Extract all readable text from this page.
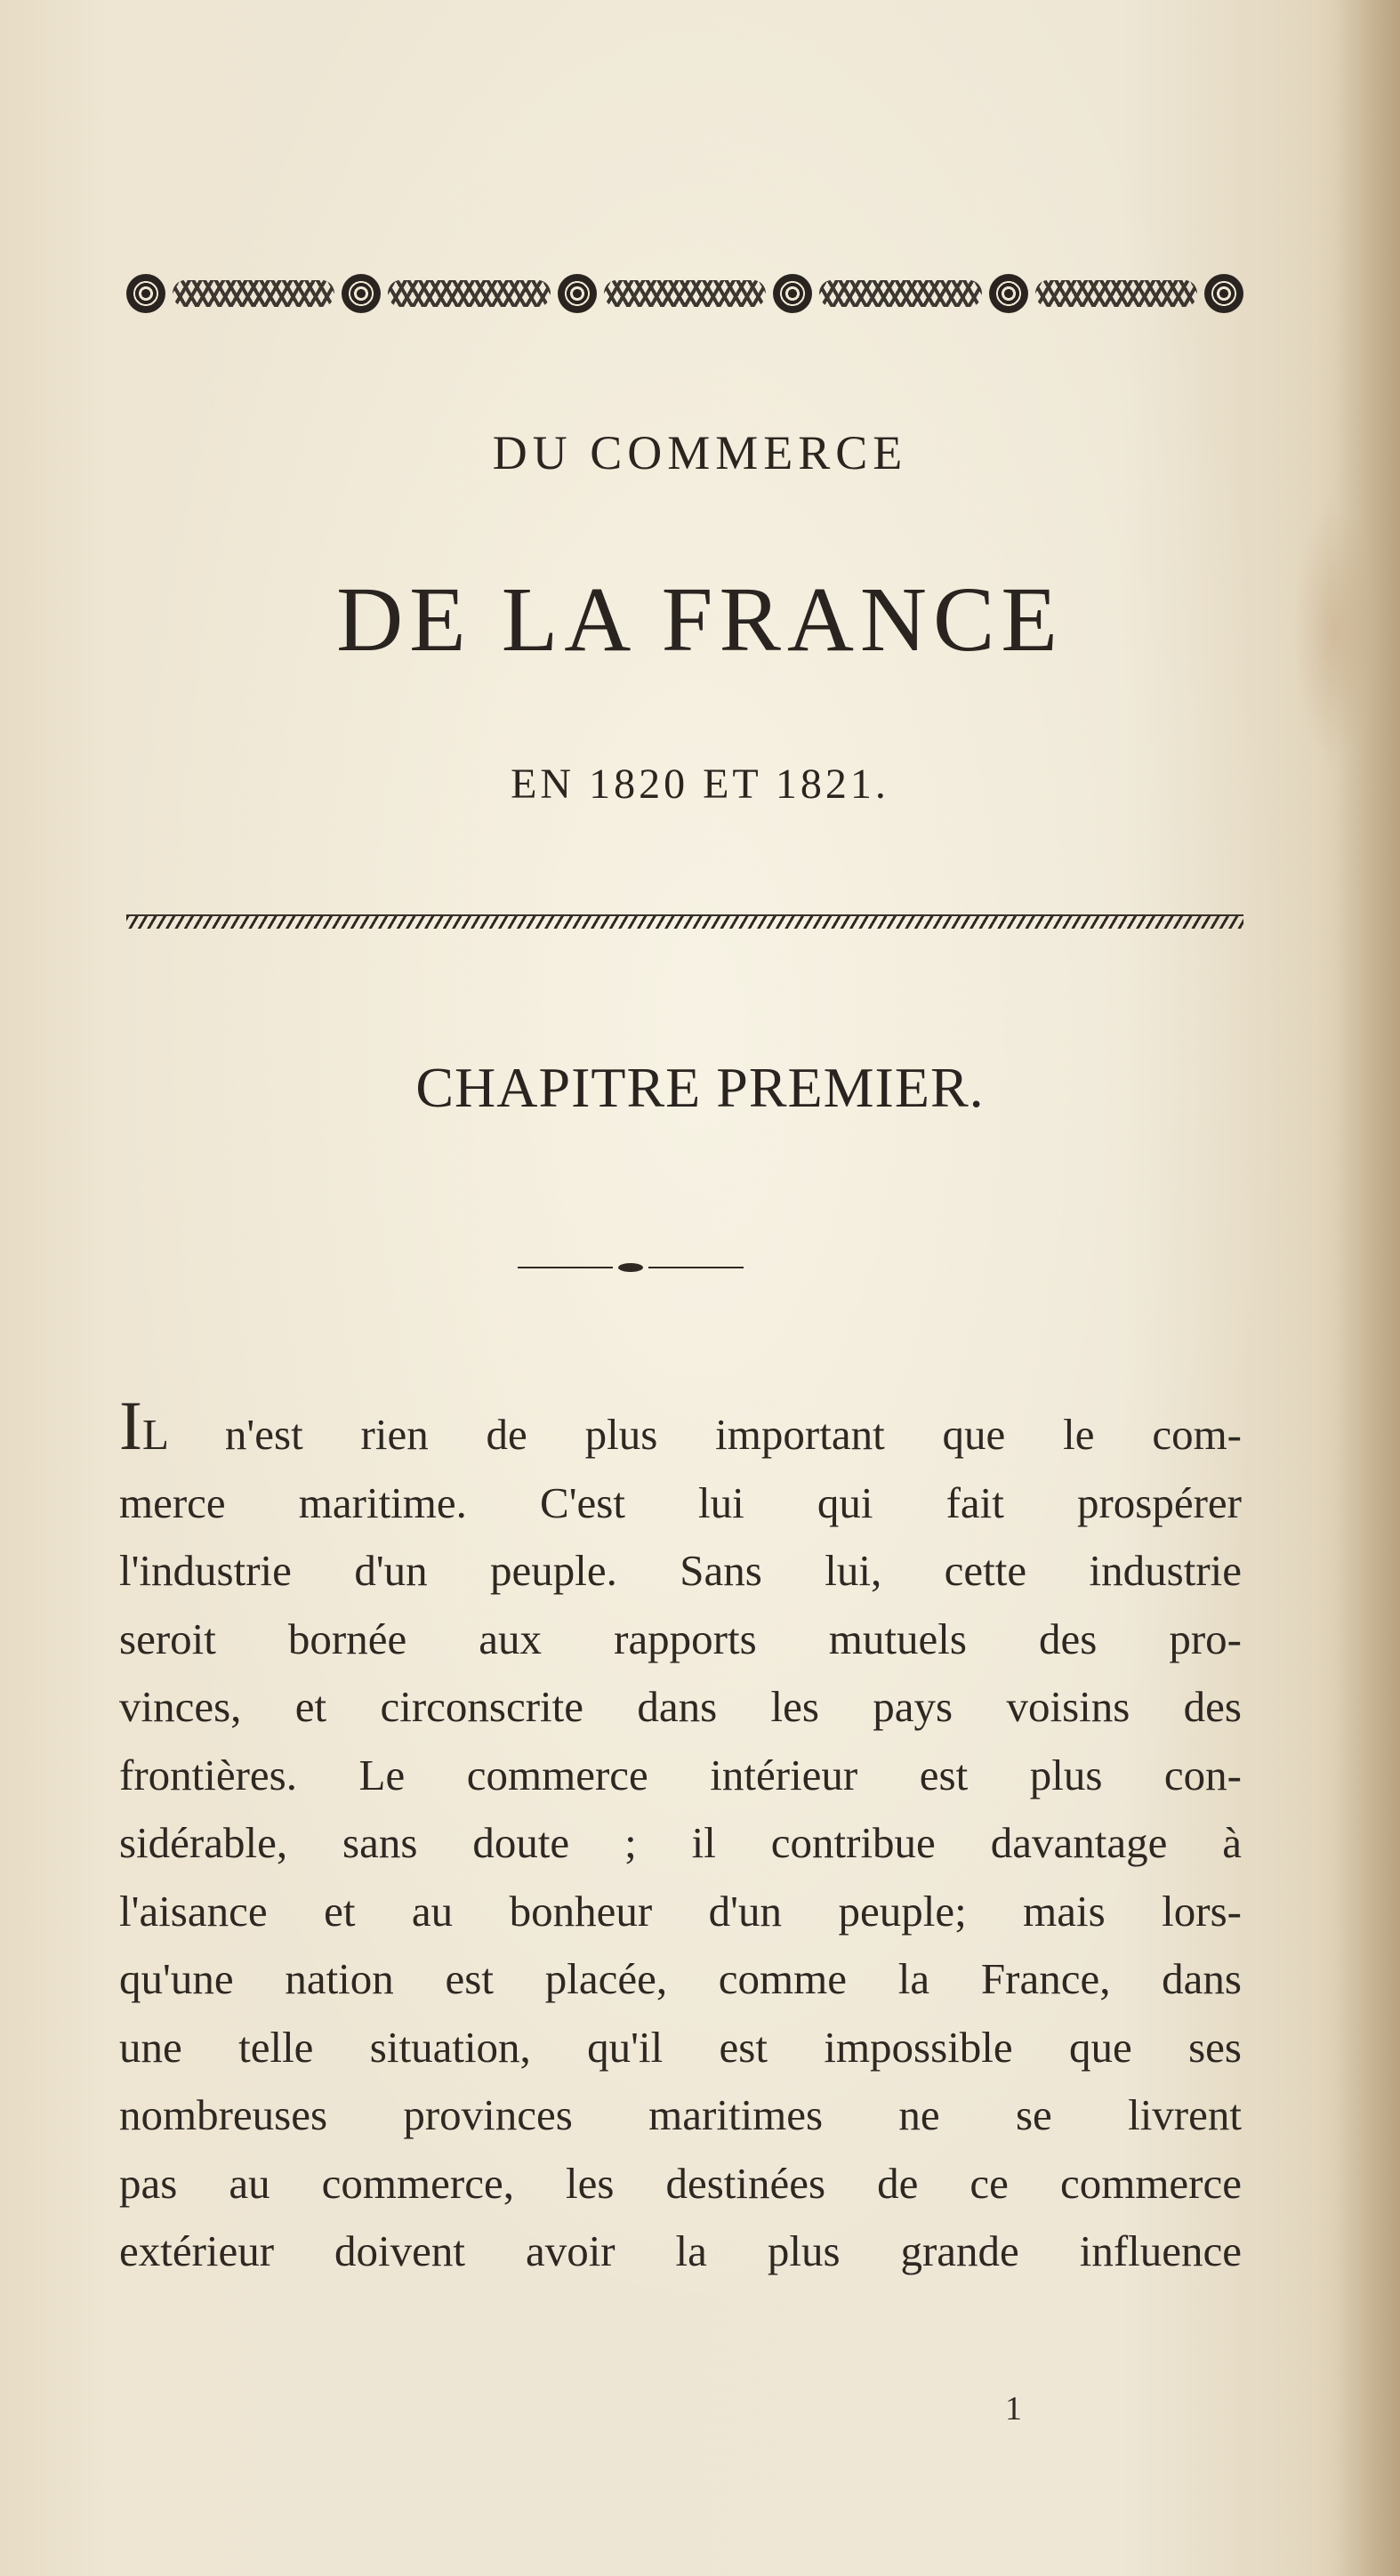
DU COMMERCE
DE LA FRANCE
EN 1820 ET 1821.
CHAPITRE PREMIER.
IL n'est rien de plus important que le com-
merce maritime. C'est lui qui fait prospérer
l'industrie d'un peuple. Sans lui, cette industrie
seroit bornée aux rapports mutuels des pro-
vinces, et circonscrite dans les pays voisins des
frontières. Le commerce intérieur est plus con-
sidérable, sans doute ; il contribue davantage à
l'aisance et au bonheur d'un peuple; mais lors-
qu'une nation est placée, comme la France, dans
une telle situation, qu'il est impossible que ses
nombreuses provinces maritimes ne se livrent
pas au commerce, les destinées de ce commerce
extérieur doivent avoir la plus grande influence
1
